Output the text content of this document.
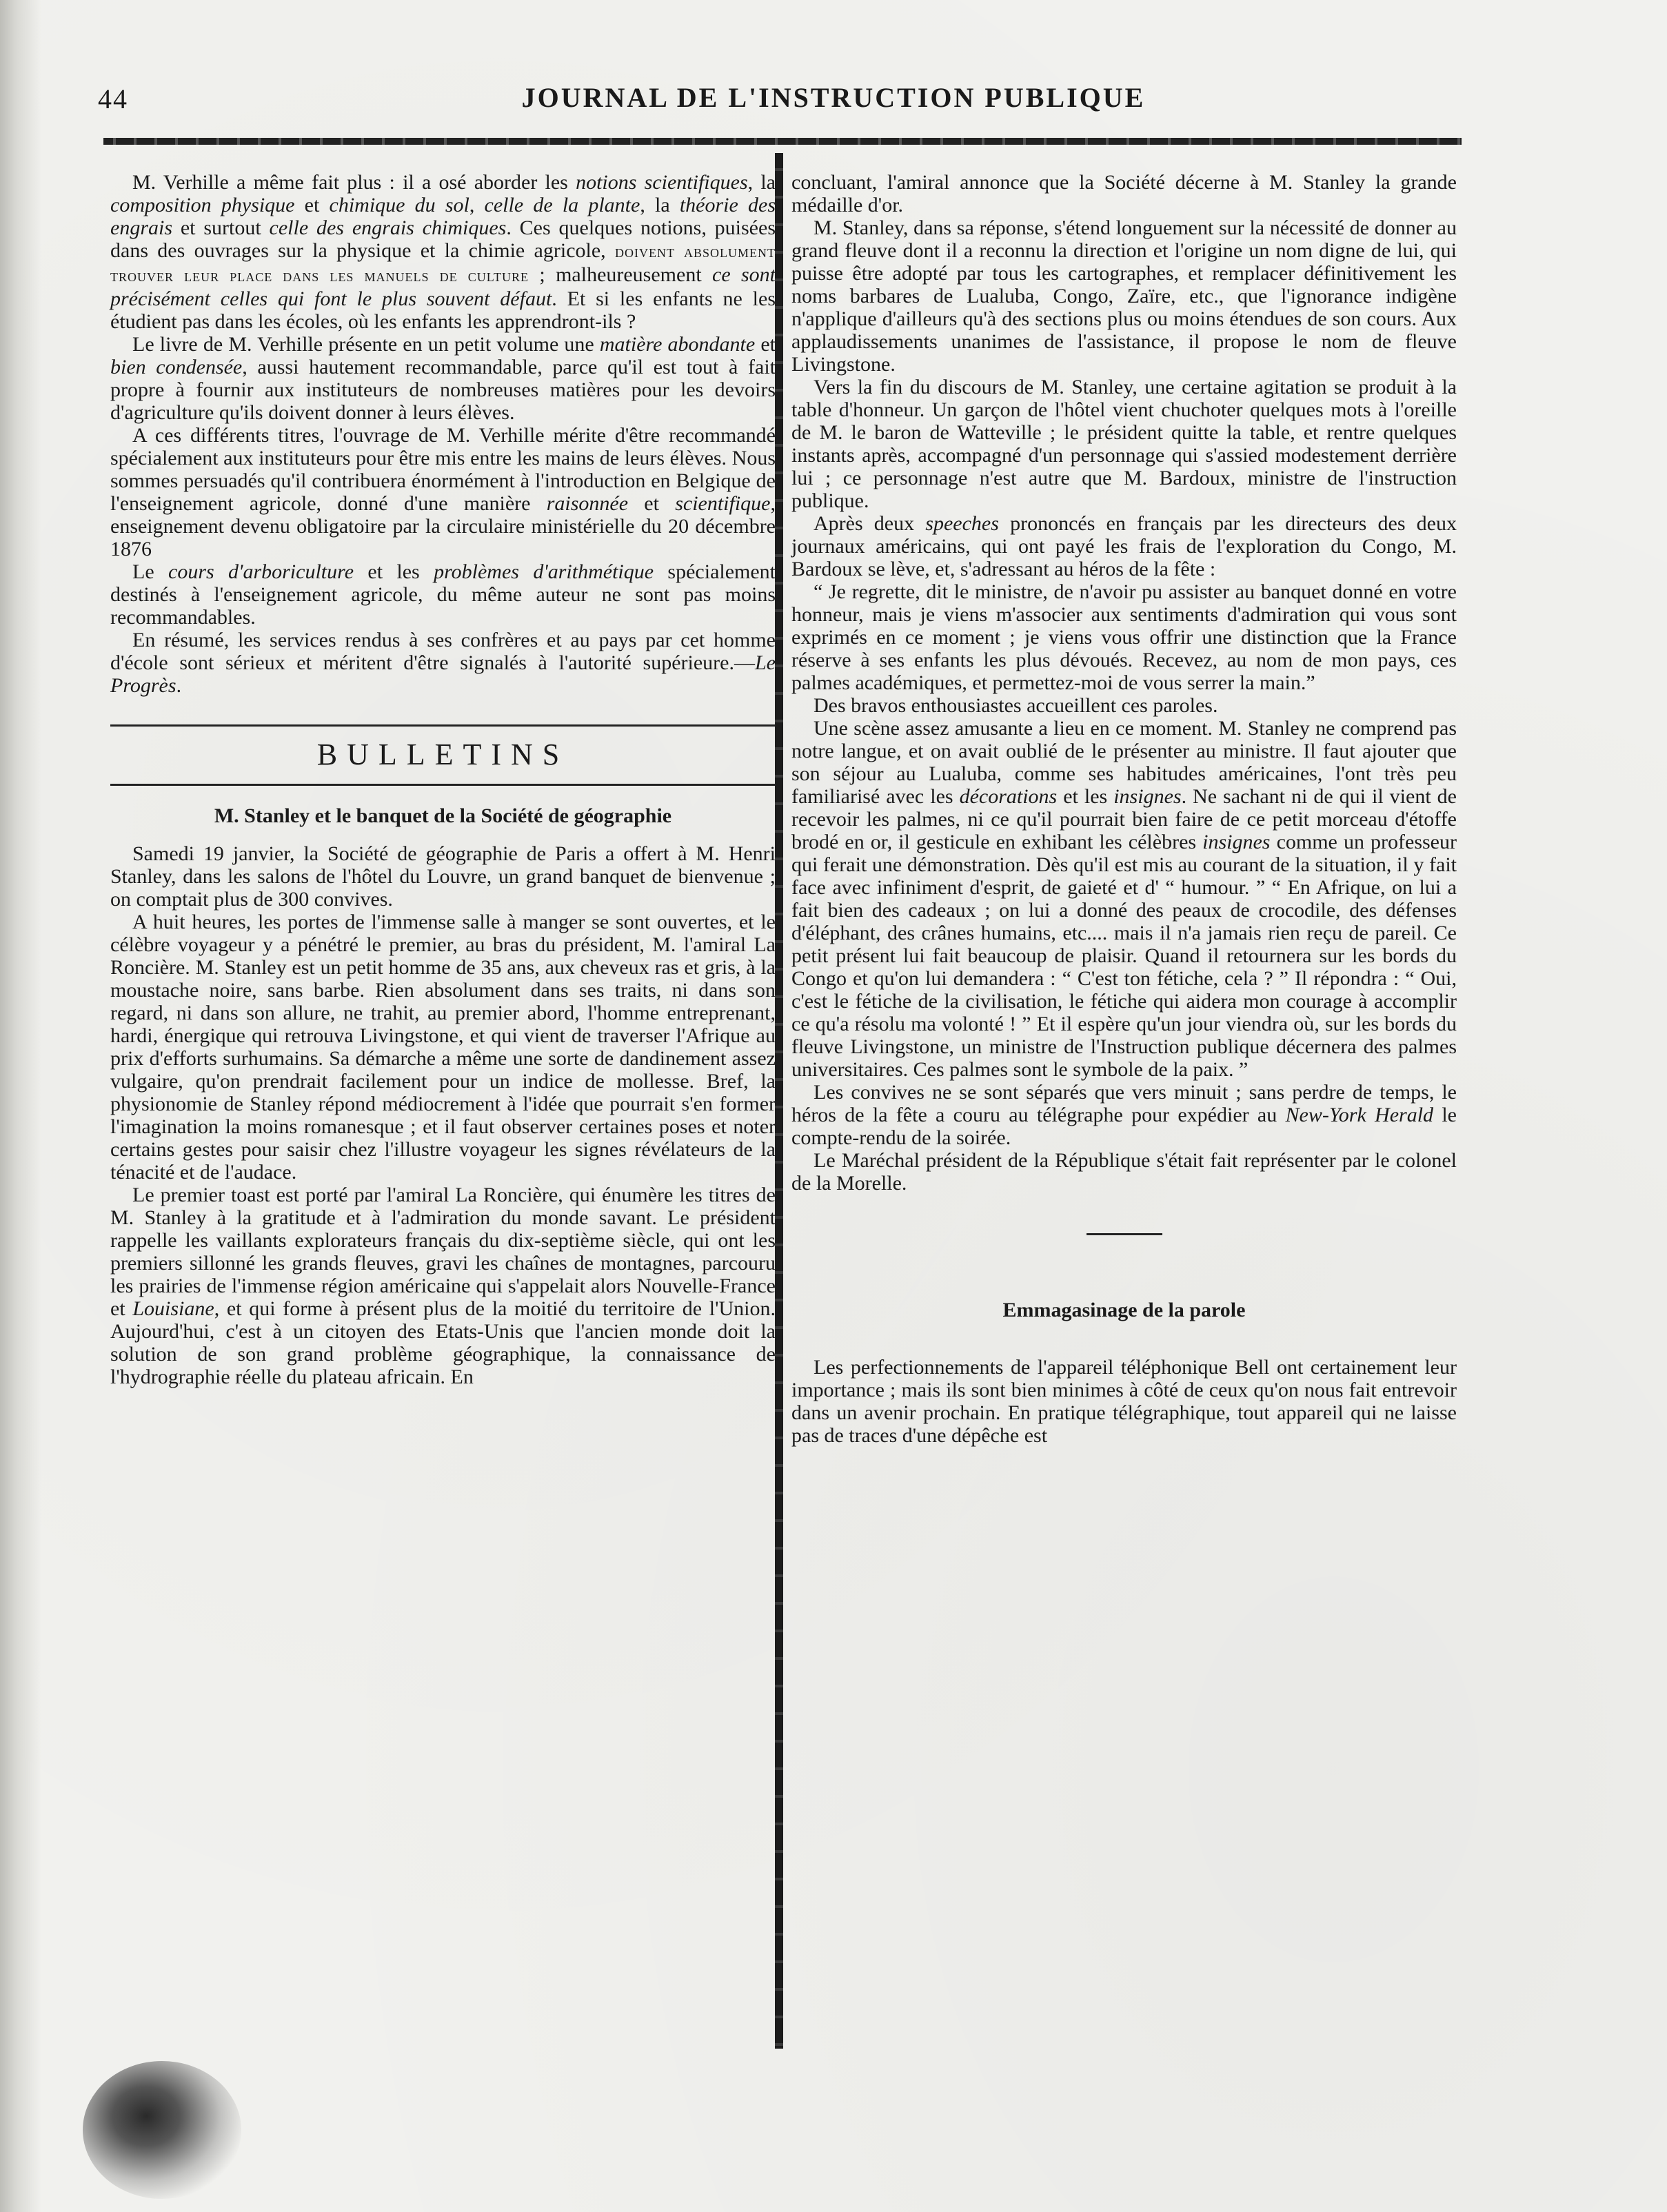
44	JOURNAL DE L'INSTRUCTION PUBLIQUE

M. Verhille a même fait plus : il a osé aborder les notions scientifiques, la composition physique et chimique du sol, celle de la plante, la théorie des engrais et surtout celle des engrais chimiques. Ces quelques notions, puisées dans des ouvrages sur la physique et la chimie agricole, doivent absolument trouver leur place dans les manuels de culture ; malheureusement ce sont précisément celles qui font le plus souvent défaut. Et si les enfants ne les étudient pas dans les écoles, où les enfants les apprendront-ils ?

Le livre de M. Verhille présente en un petit volume une matière abondante et bien condensée, aussi hautement recommandable, parce qu'il est tout à fait propre à fournir aux instituteurs de nombreuses matières pour les devoirs d'agriculture qu'ils doivent donner à leurs élèves.

A ces différents titres, l'ouvrage de M. Verhille mérite d'être recommandé spécialement aux instituteurs pour être mis entre les mains de leurs élèves. Nous sommes persuadés qu'il contribuera énormément à l'introduction en Belgique de l'enseignement agricole, donné d'une manière raisonnée et scientifique, enseignement devenu obligatoire par la circulaire ministérielle du 20 décembre 1876

Le cours d'arboriculture et les problèmes d'arithmétique spécialement destinés à l'enseignement agricole, du même auteur ne sont pas moins recommandables.

En résumé, les services rendus à ses confrères et au pays par cet homme d'école sont sérieux et méritent d'être signalés à l'autorité supérieure.—Le Progrès.

BULLETINS
M. Stanley et le banquet de la Société de géographie

Samedi 19 janvier, la Société de géographie de Paris a offert à M. Henri Stanley, dans les salons de l'hôtel du Louvre, un grand banquet de bienvenue ; on comptait plus de 300 convives.

A huit heures, les portes de l'immense salle à manger se sont ouvertes, et le célèbre voyageur y a pénétré le premier, au bras du président, M. l'amiral La Roncière. M. Stanley est un petit homme de 35 ans, aux cheveux ras et gris, à la moustache noire, sans barbe. Rien absolument dans ses traits, ni dans son regard, ni dans son allure, ne trahit, au premier abord, l'homme entreprenant, hardi, énergique qui retrouva Livingstone, et qui vient de traverser l'Afrique au prix d'efforts surhumains. Sa démarche a même une sorte de dandinement assez vulgaire, qu'on prendrait facilement pour un indice de mollesse. Bref, la physionomie de Stanley répond médiocrement à l'idée que pourrait s'en former l'imagination la moins romanesque ; et il faut observer certaines poses et noter certains gestes pour saisir chez l'illustre voyageur les signes révélateurs de la ténacité et de l'audace.

Le premier toast est porté par l'amiral La Roncière, qui énumère les titres de M. Stanley à la gratitude et à l'admiration du monde savant. Le président rappelle les vaillants explorateurs français du dix-septième siècle, qui ont les premiers sillonné les grands fleuves, gravi les chaînes de montagnes, parcouru les prairies de l'immense région américaine qui s'appelait alors Nouvelle-France et Louisiane, et qui forme à présent plus de la moitié du territoire de l'Union. Aujourd'hui, c'est à un citoyen des Etats-Unis que l'ancien monde doit la solution de son grand problème géographique, la connaissance de l'hydrographie réelle du plateau africain. En

concluant, l'amiral annonce que la Société décerne à M. Stanley la grande médaille d'or.

M. Stanley, dans sa réponse, s'étend longuement sur la nécessité de donner au grand fleuve dont il a reconnu la direction et l'origine un nom digne de lui, qui puisse être adopté par tous les cartographes, et remplacer définitivement les noms barbares de Lualuba, Congo, Zaïre, etc., que l'ignorance indigène n'applique d'ailleurs qu'à des sections plus ou moins étendues de son cours. Aux applaudissements unanimes de l'assistance, il propose le nom de fleuve Livingstone.

Vers la fin du discours de M. Stanley, une certaine agitation se produit à la table d'honneur. Un garçon de l'hôtel vient chuchoter quelques mots à l'oreille de M. le baron de Watteville ; le président quitte la table, et rentre quelques instants après, accompagné d'un personnage qui s'assied modestement derrière lui ; ce personnage n'est autre que M. Bardoux, ministre de l'instruction publique.

Après deux speeches prononcés en français par les directeurs des deux journaux américains, qui ont payé les frais de l'exploration du Congo, M. Bardoux se lève, et, s'adressant au héros de la fête :

“ Je regrette, dit le ministre, de n'avoir pu assister au banquet donné en votre honneur, mais je viens m'associer aux sentiments d'admiration qui vous sont exprimés en ce moment ; je viens vous offrir une distinction que la France réserve à ses enfants les plus dévoués. Recevez, au nom de mon pays, ces palmes académiques, et permettez-moi de vous serrer la main.”

Des bravos enthousiastes accueillent ces paroles.

Une scène assez amusante a lieu en ce moment. M. Stanley ne comprend pas notre langue, et on avait oublié de le présenter au ministre. Il faut ajouter que son séjour au Lualuba, comme ses habitudes américaines, l'ont très peu familiarisé avec les décorations et les insignes. Ne sachant ni de qui il vient de recevoir les palmes, ni ce qu'il pourrait bien faire de ce petit morceau d'étoffe brodé en or, il gesticule en exhibant les célèbres insignes comme un professeur qui ferait une démonstration. Dès qu'il est mis au courant de la situation, il y fait face avec infiniment d'esprit, de gaieté et d' “ humour. ” “ En Afrique, on lui a fait bien des cadeaux ; on lui a donné des peaux de crocodile, des défenses d'éléphant, des crânes humains, etc.... mais il n'a jamais rien reçu de pareil. Ce petit présent lui fait beaucoup de plaisir. Quand il retournera sur les bords du Congo et qu'on lui demandera : “ C'est ton fétiche, cela ? ” Il répondra : “ Oui, c'est le fétiche de la civilisation, le fétiche qui aidera mon courage à accomplir ce qu'a résolu ma volonté ! ” Et il espère qu'un jour viendra où, sur les bords du fleuve Livingstone, un ministre de l'Instruction publique décernera des palmes universitaires. Ces palmes sont le symbole de la paix. ”

Les convives ne se sont séparés que vers minuit ; sans perdre de temps, le héros de la fête a couru au télégraphe pour expédier au New-York Herald le compte-rendu de la soirée.

Le Maréchal président de la République s'était fait représenter par le colonel de la Morelle.

Emmagasinage de la parole

Les perfectionnements de l'appareil téléphonique Bell ont certainement leur importance ; mais ils sont bien minimes à côté de ceux qu'on nous fait entrevoir dans un avenir prochain. En pratique télégraphique, tout appareil qui ne laisse pas de traces d'une dépêche est
